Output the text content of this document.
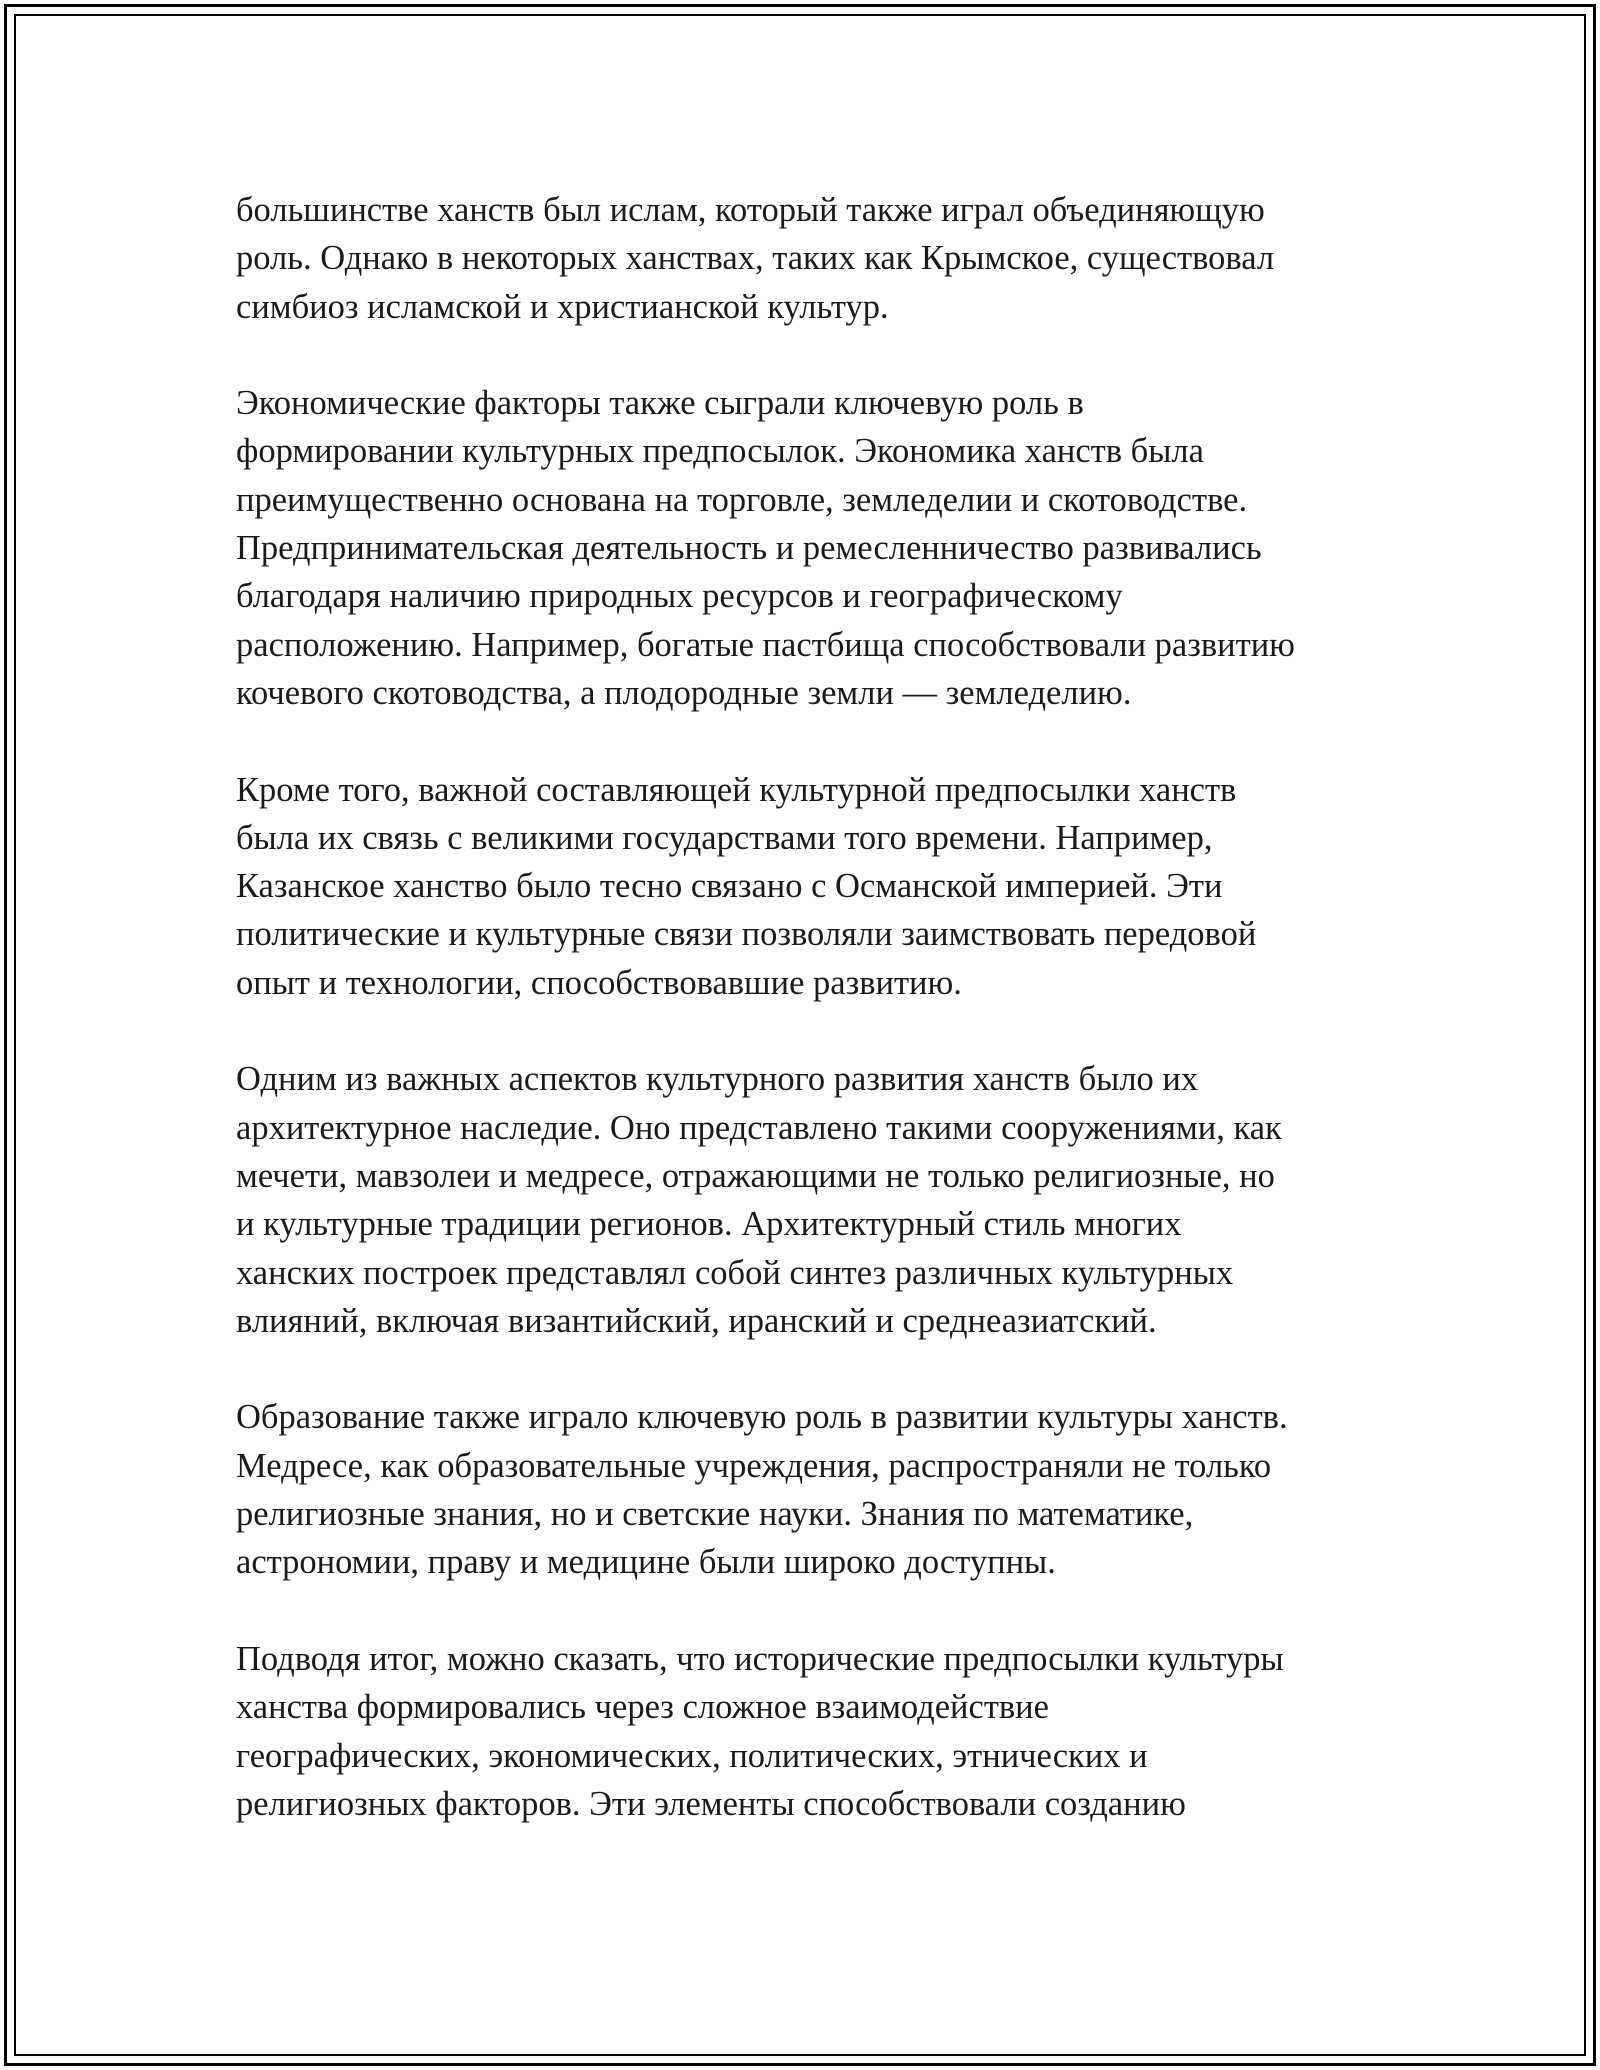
большинстве ханств был ислам, который также играл объединяющую
роль. Однако в некоторых ханствах, таких как Крымское, существовал
симбиоз исламской и христианской культур.

Экономические факторы также сыграли ключевую роль в
формировании культурных предпосылок. Экономика ханств была
преимущественно основана на торговле, земледелии и скотоводстве.
Предпринимательская деятельность и ремесленничество развивались
благодаря наличию природных ресурсов и географическому
расположению. Например, богатые пастбища способствовали развитию
кочевого скотоводства, а плодородные земли — земледелию.

Кроме того, важной составляющей культурной предпосылки ханств
была их связь с великими государствами того времени. Например,
Казанское ханство было тесно связано с Османской империей. Эти
политические и культурные связи позволяли заимствовать передовой
опыт и технологии, способствовавшие развитию.

Одним из важных аспектов культурного развития ханств было их
архитектурное наследие. Оно представлено такими сооружениями, как
мечети, мавзолеи и медресе, отражающими не только религиозные, но
и культурные традиции регионов. Архитектурный стиль многих
ханских построек представлял собой синтез различных культурных
влияний, включая византийский, иранский и среднеазиатский.

Образование также играло ключевую роль в развитии культуры ханств.
Медресе, как образовательные учреждения, распространяли не только
религиозные знания, но и светские науки. Знания по математике,
астрономии, праву и медицине были широко доступны.

Подводя итог, можно сказать, что исторические предпосылки культуры
ханства формировались через сложное взаимодействие
географических, экономических, политических, этнических и
религиозных факторов. Эти элементы способствовали созданию
